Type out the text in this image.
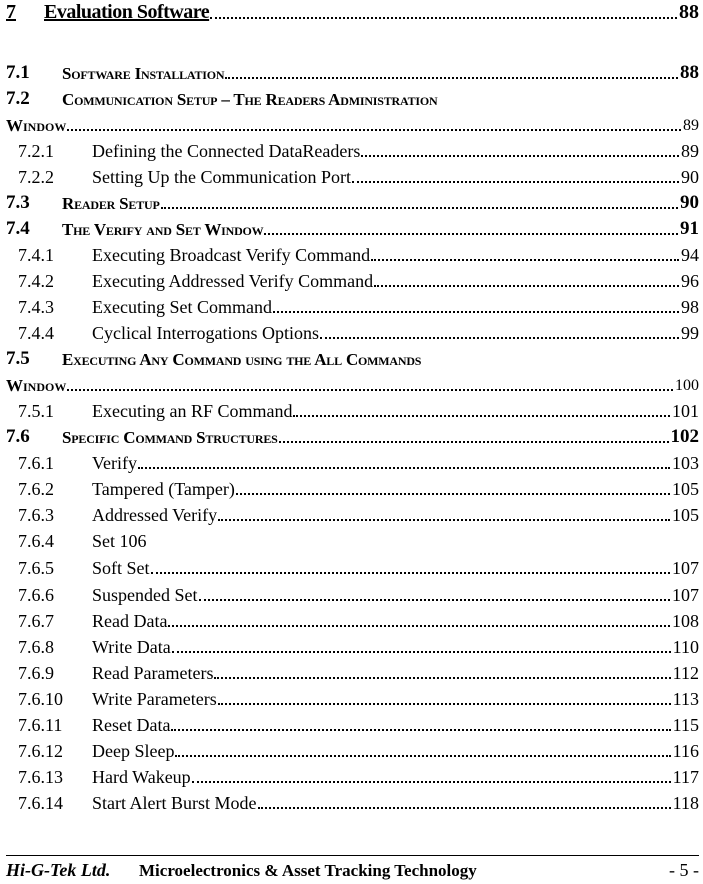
7 Evaluation Software	88
7.1 Software Installation	88
7.2 Communication Setup – The Readers Administration
Window	89
7.2.1 Defining the Connected DataReaders	89
7.2.2 Setting Up the Communication Port	90
7.3 Reader Setup	90
7.4 The Verify and Set Window	91
7.4.1 Executing Broadcast Verify Command	94
7.4.2 Executing Addressed Verify Command	96
7.4.3 Executing Set Command	98
7.4.4 Cyclical Interrogations Options	99
7.5 Executing Any Command using the All Commands
Window	100
7.5.1 Executing an RF Command	101
7.6 Specific Command Structures	102
7.6.1 Verify	103
7.6.2 Tampered (Tamper)	105
7.6.3 Addressed Verify	105
7.6.4 Set 106
7.6.5 Soft Set	107
7.6.6 Suspended Set	107
7.6.7 Read Data	108
7.6.8 Write Data	110
7.6.9 Read Parameters	112
7.6.10 Write Parameters	113
7.6.11 Reset Data	115
7.6.12 Deep Sleep	116
7.6.13 Hard Wakeup	117
7.6.14 Start Alert Burst Mode	118
Hi-G-Tek Ltd. Microelectronics & Asset Tracking Technology	- 5 -
